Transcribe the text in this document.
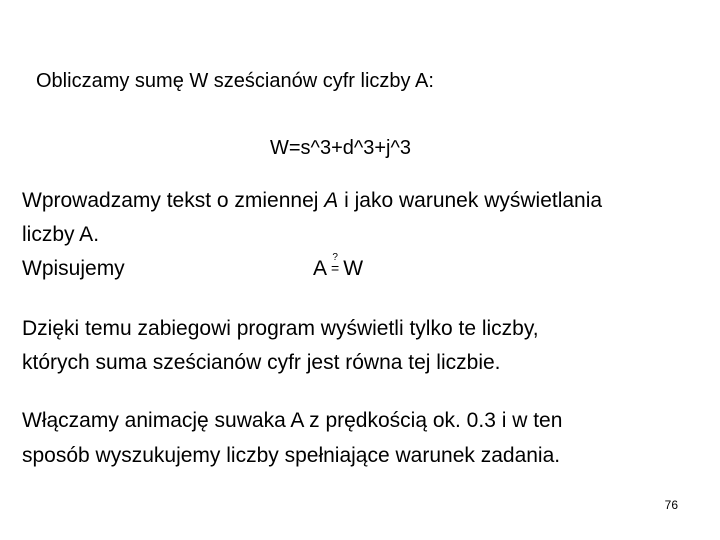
Obliczamy sumę W sześcianów cyfr liczby A:

W=s^3+d^3+j^3

Wprowadzamy tekst o zmiennej A i jako warunek wyświetlania

liczby A.

Wpisujemy	A ?
= W

Dzięki temu zabiegowi program wyświetli tylko te liczby,

których suma sześcianów cyfr jest równa tej liczbie.

Włączamy animację suwaka A z prędkością ok. 0.3 i w ten

sposób wyszukujemy liczby spełniające warunek zadania.

76
